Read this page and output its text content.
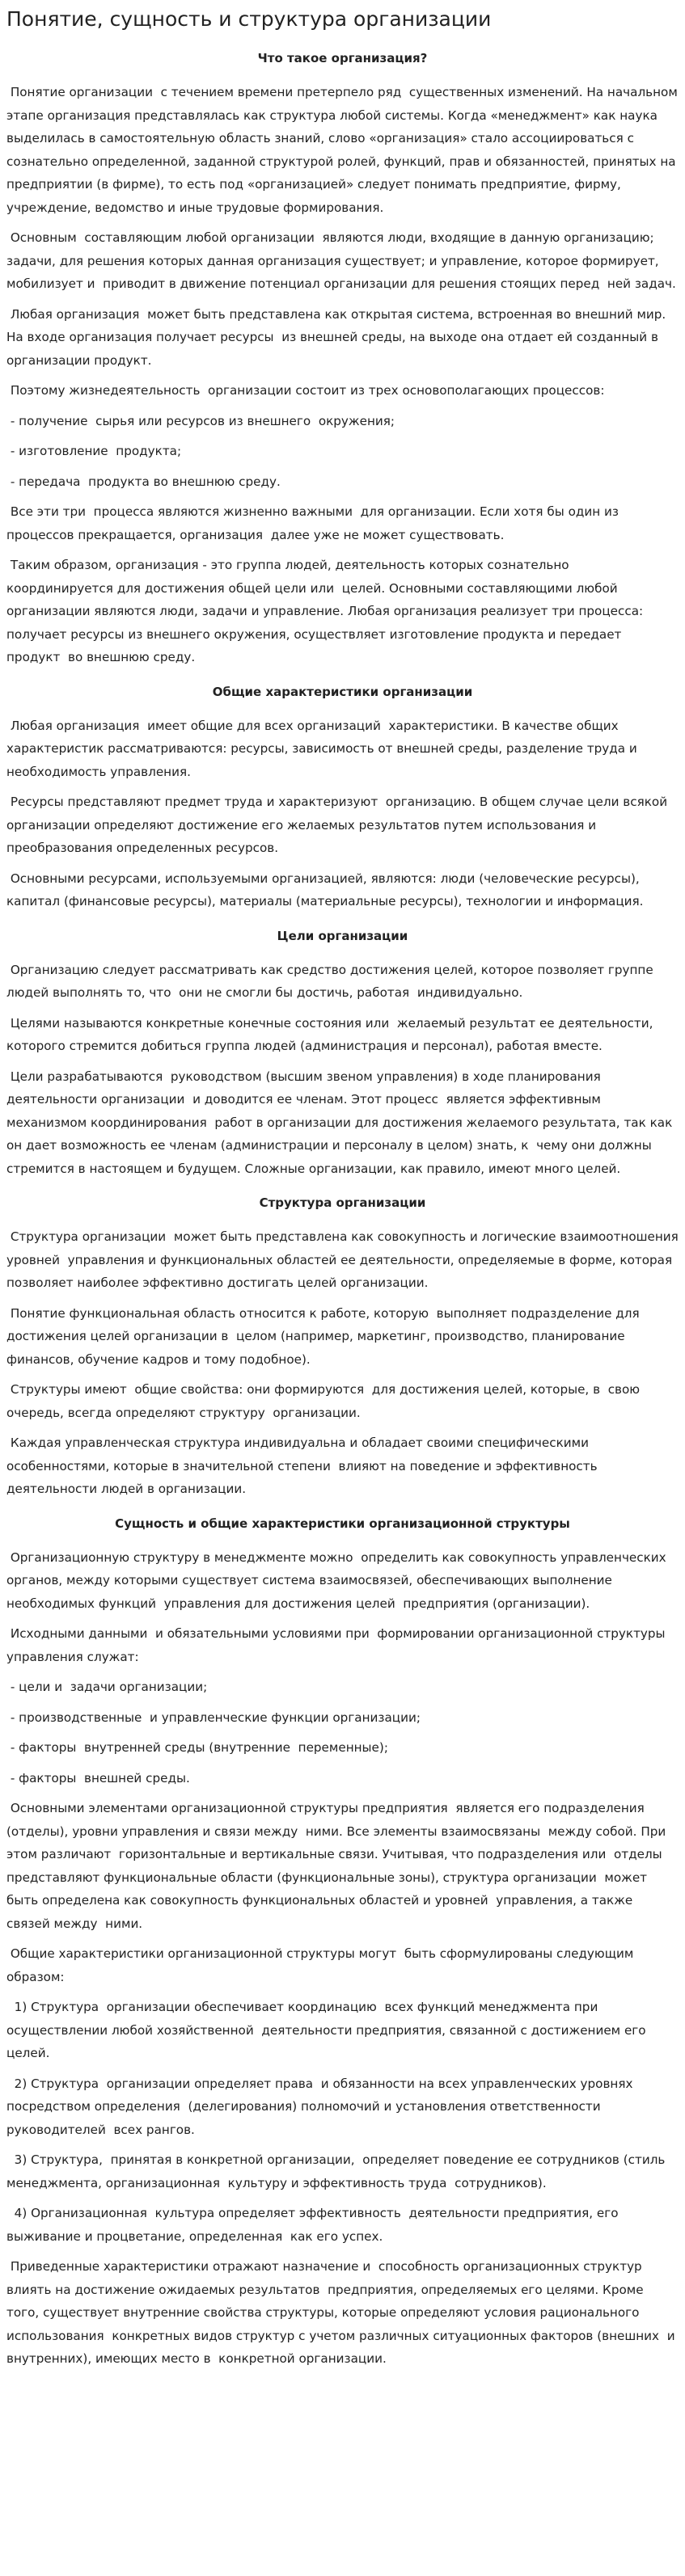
Понятие, сущность и структура организации
Что такое организация?

Понятие организации  с течением времени претерпело ряд  существенных изменений. На начальном  этапе организация представлялась как структура любой системы. Когда «менеджмент» как наука выделилась в самостоятельную область знаний, слово «организация» стало ассоциироваться с сознательно определенной, заданной структурой ролей, функций, прав и обязанностей, принятых на предприятии (в фирме), то есть под «организацией» следует понимать предприятие, фирму, учреждение, ведомство и иные трудовые формирования.

Основным  составляющим любой организации  являются люди, входящие в данную организацию; задачи, для решения которых данная организация существует; и управление, которое формирует, мобилизует и  приводит в движение потенциал организации для решения стоящих перед  ней задач.

Любая организация  может быть представлена как открытая система, встроенная во внешний мир. На входе организация получает ресурсы  из внешней среды, на выходе она отдает ей созданный в организации продукт.

Поэтому жизнедеятельность  организации состоит из трех основополагающих процессов:

- получение  сырья или ресурсов из внешнего  окружения;

- изготовление  продукта;

- передача  продукта во внешнюю среду.

Все эти три  процесса являются жизненно важными  для организации. Если хотя бы один из процессов прекращается, организация  далее уже не может существовать.

Таким образом, организация - это группа людей, деятельность которых сознательно координируется для достижения общей цели или  целей. Основными составляющими любой организации являются люди, задачи и управление. Любая организация реализует три процесса: получает ресурсы из внешнего окружения, осуществляет изготовление продукта и передает продукт  во внешнюю среду.

Общие характеристики организации

Любая организация  имеет общие для всех организаций  характеристики. В качестве общих характеристик рассматриваются: ресурсы, зависимость от внешней среды, разделение труда и необходимость управления.

Ресурсы представляют предмет труда и характеризуют  организацию. В общем случае цели всякой организации определяют достижение его желаемых результатов путем использования и преобразования определенных ресурсов.

Основными ресурсами, используемыми организацией, являются: люди (человеческие ресурсы), капитал (финансовые ресурсы), материалы (материальные ресурсы), технологии и информация.

Цели организации

Организацию следует рассматривать как средство достижения целей, которое позволяет группе людей выполнять то, что  они не смогли бы достичь, работая  индивидуально.

Целями называются конкретные конечные состояния или  желаемый результат ее деятельности, которого стремится добиться группа людей (администрация и персонал), работая вместе.

Цели разрабатываются  руководством (высшим звеном управления) в ходе планирования деятельности организации  и доводится ее членам. Этот процесс  является эффективным механизмом координирования  работ в организации для достижения желаемого результата, так как  он дает возможность ее членам (администрации и персоналу в целом) знать, к  чему они должны стремится в настоящем и будущем. Сложные организации, как правило, имеют много целей.

Структура организации

Структура организации  может быть представлена как совокупность и логические взаимоотношения уровней  управления и функциональных областей ее деятельности, определяемые в форме, которая позволяет наиболее эффективно достигать целей организации.

Понятие функциональная область относится к работе, которую  выполняет подразделение для достижения целей организации в  целом (например, маркетинг, производство, планирование финансов, обучение кадров и тому подобное).

Структуры имеют  общие свойства: они формируются  для достижения целей, которые, в  свою очередь, всегда определяют структуру  организации.

Каждая управленческая структура индивидуальна и обладает своими специфическими особенностями, которые в значительной степени  влияют на поведение и эффективность деятельности людей в организации.

Сущность и общие характеристики организационной структуры

Организационную структуру в менеджменте можно  определить как совокупность управленческих органов, между которыми существует система взаимосвязей, обеспечивающих выполнение необходимых функций  управления для достижения целей  предприятия (организации).

Исходными данными  и обязательными условиями при  формировании организационной структуры  управления служат:

- цели и  задачи организации;

- производственные  и управленческие функции организации;

- факторы  внутренней среды (внутренние  переменные);

- факторы  внешней среды.

Основными элементами организационной структуры предприятия  является его подразделения (отделы), уровни управления и связи между  ними. Все элементы взаимосвязаны  между собой. При этом различают  горизонтальные и вертикальные связи. Учитывая, что подразделения или  отделы представляют функциональные области (функциональные зоны), структура организации  может быть определена как совокупность функциональных областей и уровней  управления, а также связей между  ними.

Общие характеристики организационной структуры могут  быть сформулированы следующим образом:

1) Структура  организации обеспечивает координацию  всех функций менеджмента при осуществлении любой хозяйственной  деятельности предприятия, связанной с достижением его целей.

2) Структура  организации определяет права  и обязанности на всех управленческих уровнях посредством определения  (делегирования) полномочий и установления ответственности руководителей  всех рангов.

3) Структура,  принятая в конкретной организации,  определяет поведение ее сотрудников (стиль менеджмента, организационная  культуру и эффективность труда  сотрудников).

4) Организационная  культура определяет эффективность  деятельности предприятия, его выживание и процветание, определенная  как его успех.

Приведенные характеристики отражают назначение и  способность организационных структур влиять на достижение ожидаемых результатов  предприятия, определяемых его целями. Кроме того, существует внутренние свойства структуры, которые определяют условия рационального использования  конкретных видов структур с учетом различных ситуационных факторов (внешних  и внутренних), имеющих место в  конкретной организации.
